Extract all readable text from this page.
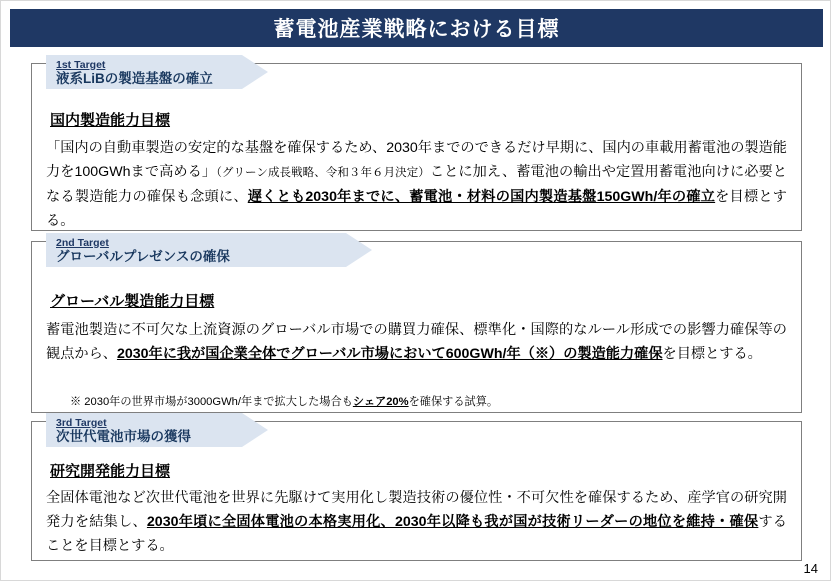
蓄電池産業戦略における目標
1st Target
液系LiBの製造基盤の確立
国内製造能力目標
「国内の自動車製造の安定的な基盤を確保するため、2030年までのできるだけ早期に、国内の車載用蓄電池の製造能力を100GWhまで高める」（グリーン成長戦略、令和３年６月決定）ことに加え、蓄電池の輸出や定置用蓄電池向けに必要となる製造能力の確保も念頭に、遅くとも2030年までに、蓄電池・材料の国内製造基盤150GWh/年の確立を目標とする。
2nd Target
グローバルプレゼンスの確保
グローバル製造能力目標
蓄電池製造に不可欠な上流資源のグローバル市場での購買力確保、標準化・国際的なルール形成での影響力確保等の観点から、2030年に我が国企業全体でグローバル市場において600GWh/年（※）の製造能力確保を目標とする。
※ 2030年の世界市場が3000GWh/年まで拡大した場合もシェア20%を確保する試算。
3rd Target
次世代電池市場の獲得
研究開発能力目標
全固体電池など次世代電池を世界に先駆けて実用化し製造技術の優位性・不可欠性を確保するため、産学官の研究開発力を結集し、2030年頃に全固体電池の本格実用化、2030年以降も我が国が技術リーダーの地位を維持・確保することを目標とする。
14
